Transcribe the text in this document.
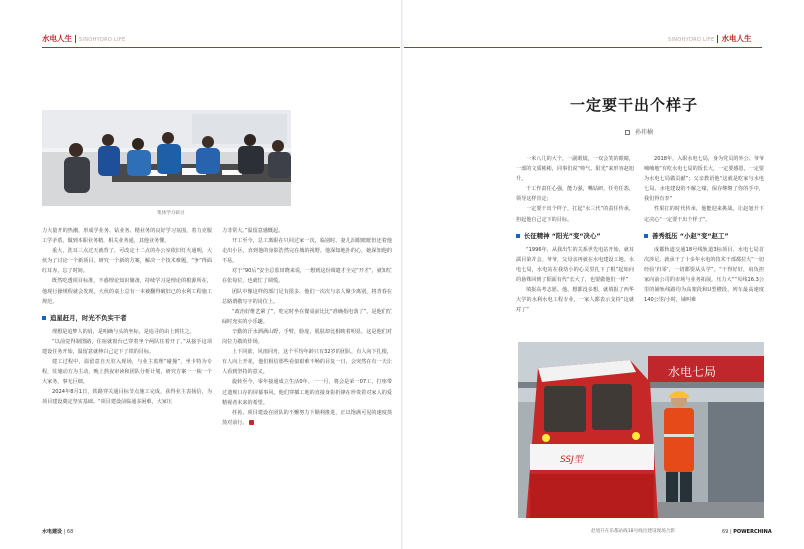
水电人生 SINOHYDRO LIFE	SINOHYDRO LIFE 水电人生
集体学习研讨

力大量开的热潮，形成学业务、钻业务、精业务的良好学习氛围，着力克服工学矛盾，做到本职业务精，相关业务通，其他业务懂。

重大，洗耳三点过天就背了，可改定十二点的办公室依旧灯火通明，大伙为了讨论一个新项目，研究一个新的方案，解决一个技术难题，“争”得面红耳赤，忘了时间。

既然吃透项目标准，不惑理论知识储备，持续学习是理论的根源所在，他现行操规程就会发现，大伙的桌上总有一本被翻得破旧已的水利工程施工规范。

追星赶月，时光不负实干者

理想是追梦人的肩，是明确与头的坐标，是追寻的由上到往之。

“以前觉得制图路，住宿就窗台已穿着坐个两队住着开了。”从接手这项建设任务开始，温留意就伸白己定下了铁的目标。

建工过程中，温留意自天驻入现场，与业主监理“碰撞”，坐卡特为专程，驻施动方为主动，晚上熬夜审读和团队分析计划，研究方案一一梳一个大家务，事无巨细。

2024年8月1日，铁路穿关通目标节点施工完成，获得业主表扬信，为项目建设奠定坚实基础。“项目建设前临通多困难，大家压

力非常大。”温留意感慨起。

开工至今，总工离职在只回过家一次，临别时，妻儿泪眼眶眶但还着他走出小区，直到他的身影浩然完在城的视野。他深知地扑的心，她深知他的不易。

对于“90后”安全总监田晓来说，一想到这份调遣才全完“开才”，就知忙在张每位，也就忙了调慌。

团队中像这样的部门足有很多，他们一次次与亲人聚少离别，将青春在总路谓敬写字的岗位上。

“政治好维艺紧了”，吃完时坐在餐桌前比比“准确指电落了”，是他们忙碌时充实的小乐趣。

辛勤的汗水洒满山野，手臂，脸庞，肌肤却比相映着明显，这是他们对岗位力敬的炸场。

上下同欲，风雨同舟，这个平均年龄只有32岁的团队，有人向下扎根，有人向上开花，他们相信那些看似艰难不畅的目复一日，会突然在有一天让人看到坚持的意义。

旋转至今，零年接通成立生活0年、一一月，将会是荣一07工，打座带过遗规口存的屏幕事风，他们穿插工地的直接身影折锋在珍贵着对家人的爱精视者未来的希望。

荏苒，项目建设在团队的不懈努力下顺利推进，正以饱满可见的速度蒸蒸对前行。

一定要干出个样子
孙祎楠

一米八几的大个，一副眼镜，一双会笑的眼睛，一部的文质彬彬，同事们说“帅气、阳光”来形容赵旭升。

千工作责任心强，能力强，嘴钻研，任劳任怨，领导这样肯定；

一定要干出个样子，扛起“水三代”的责任传承，担起他自己定下的目标。

长征精神 “阳光”变“决心”

“1996年，从我出生的关系世先电站开始，就耳濡目染并会。爷爷，父母亲再就在水电建设工地。水电七局，水电站在我幼小的心灵里扎下了根”起始问的悬殊回到了阳面有代“长大了，也要做他们一样”

填报高考志愿、他、想都没多想，就填报了西华大学的水利水电工程专业，一家人都表示支持“这就对了”

2018年，入职水电七局，身为党员的外公、爷爷喃喃地“有吃水电七局的饭长大，一定要感恩，一定要为水电七局做贡献”；父亲教语他“这就是吃家与水电七局、水电建设的不解之缘，保存继继了你的手中，我们得有李”

性果扛的时代传承，他能迎来挑战，让赵旭升下定决心“一定要干出个样子”。

善秀抵压 “小赵”变“赵工”

成都轨道交通18号线轨道3标项目，水电七局首次涉足，就承干了十多年水电的技术干部都拉大“一切经验‘归零’，一切都要从头学”。“干得好好，肩负担家向前公司的市场与业务拓展，压力大”“贝线16.3公里的铺轨线路均为高架段和U型槽段，列车最高速度140公里/小时，铺叫难

水电七局
SSJ型
赵旭升在乐都站线18号线出建设现场合影
水电建设 | 68	69 | POWERCHINA
